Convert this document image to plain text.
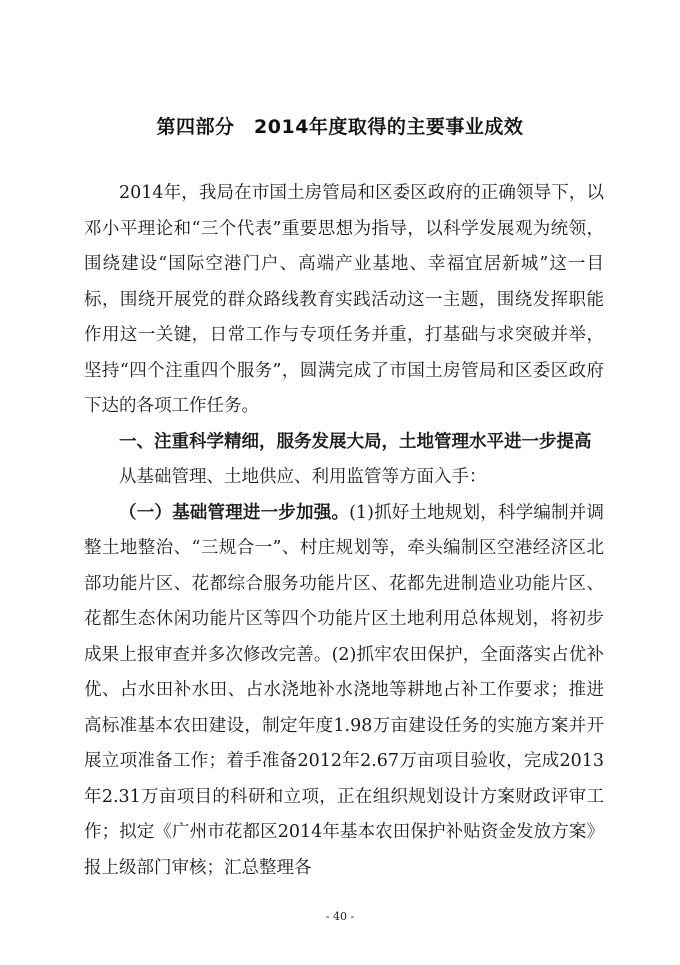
第四部分　2014年度取得的主要事业成效

2014年，我局在市国土房管局和区委区政府的正确领导下，以邓小平理论和“三个代表”重要思想为指导，以科学发展观为统领，围绕建设“国际空港门户、高端产业基地、幸福宜居新城”这一目标，围绕开展党的群众路线教育实践活动这一主题，围绕发挥职能作用这一关键，日常工作与专项任务并重，打基础与求突破并举，坚持“四个注重四个服务”，圆满完成了市国土房管局和区委区政府下达的各项工作任务。

一、注重科学精细，服务发展大局，土地管理水平进一步提高

从基础管理、土地供应、利用监管等方面入手：

（一）基础管理进一步加强。(1)抓好土地规划，科学编制并调整土地整治、“三规合一”、村庄规划等，牵头编制区空港经济区北部功能片区、花都综合服务功能片区、花都先进制造业功能片区、花都生态休闲功能片区等四个功能片区土地利用总体规划，将初步成果上报审查并多次修改完善。(2)抓牢农田保护，全面落实占优补优、占水田补水田、占水浇地补水浇地等耕地占补工作要求；推进高标准基本农田建设，制定年度1.98万亩建设任务的实施方案并开展立项准备工作；着手准备2012年2.67万亩项目验收，完成2013年2.31万亩项目的科研和立项，正在组织规划设计方案财政评审工作；拟定《广州市花都区2014年基本农田保护补贴资金发放方案》报上级部门审核；汇总整理各

- 40 -
